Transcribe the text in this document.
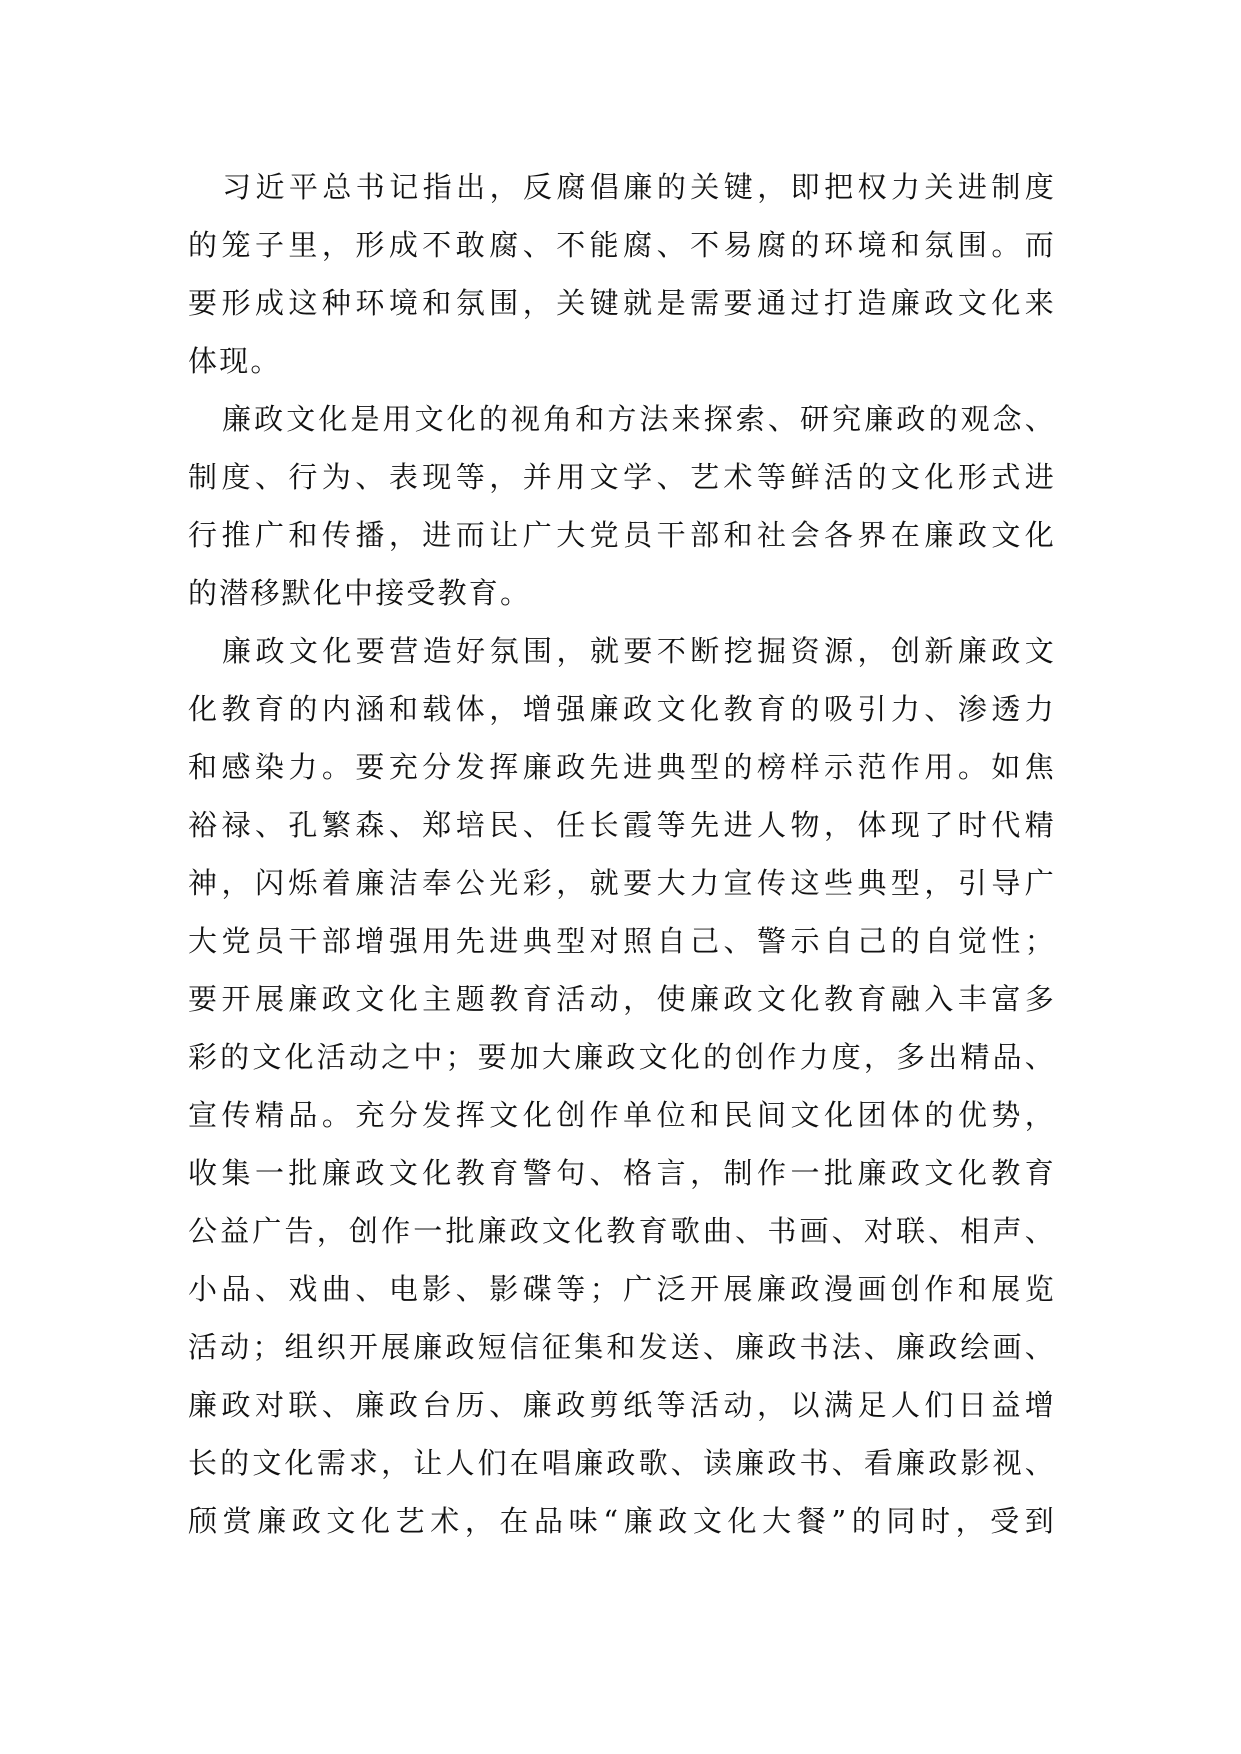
习近平总书记指出，反腐倡廉的关键，即把权力关进制度
的笼子里，形成不敢腐、不能腐、不易腐的环境和氛围。而
要形成这种环境和氛围，关键就是需要通过打造廉政文化来
体现。
廉政文化是用文化的视角和方法来探索、研究廉政的观念、
制度、行为、表现等，并用文学、艺术等鲜活的文化形式进
行推广和传播，进而让广大党员干部和社会各界在廉政文化
的潜移默化中接受教育。
廉政文化要营造好氛围，就要不断挖掘资源，创新廉政文
化教育的内涵和载体，增强廉政文化教育的吸引力、渗透力
和感染力。要充分发挥廉政先进典型的榜样示范作用。如焦
裕禄、孔繁森、郑培民、任长霞等先进人物，体现了时代精
神，闪烁着廉洁奉公光彩，就要大力宣传这些典型，引导广
大党员干部增强用先进典型对照自己、警示自己的自觉性；
要开展廉政文化主题教育活动，使廉政文化教育融入丰富多
彩的文化活动之中；要加大廉政文化的创作力度，多出精品、
宣传精品。充分发挥文化创作单位和民间文化团体的优势，
收集一批廉政文化教育警句、格言，制作一批廉政文化教育
公益广告，创作一批廉政文化教育歌曲、书画、对联、相声、
小品、戏曲、电影、影碟等；广泛开展廉政漫画创作和展览
活动；组织开展廉政短信征集和发送、廉政书法、廉政绘画、
廉政对联、廉政台历、廉政剪纸等活动，以满足人们日益增
长的文化需求，让人们在唱廉政歌、读廉政书、看廉政影视、
颀赏廉政文化艺术，在品味“廉政文化大餐”的同时，受到
